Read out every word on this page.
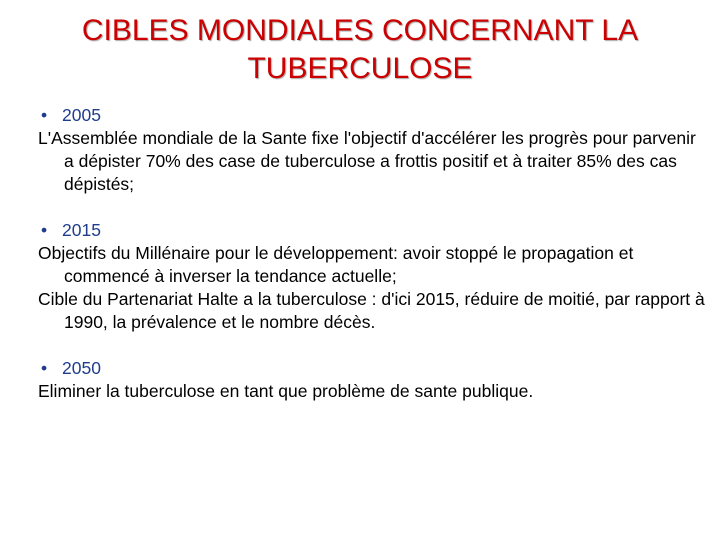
CIBLES MONDIALES CONCERNANT LA
TUBERCULOSE
• 2005
L'Assemblée mondiale de la Sante fixe l'objectif d'accélérer les progrès pour parvenir a dépister 70% des case de tuberculose a frottis positif et à traiter 85% des cas dépistés;
• 2015
Objectifs du Millénaire pour le développement: avoir stoppé le propagation et commencé à inverser la tendance actuelle;
Cible du Partenariat Halte a la tuberculose : d'ici 2015, réduire de moitié, par rapport à 1990, la prévalence et le nombre décès.
• 2050
Eliminer la tuberculose en tant que problème de sante publique.
